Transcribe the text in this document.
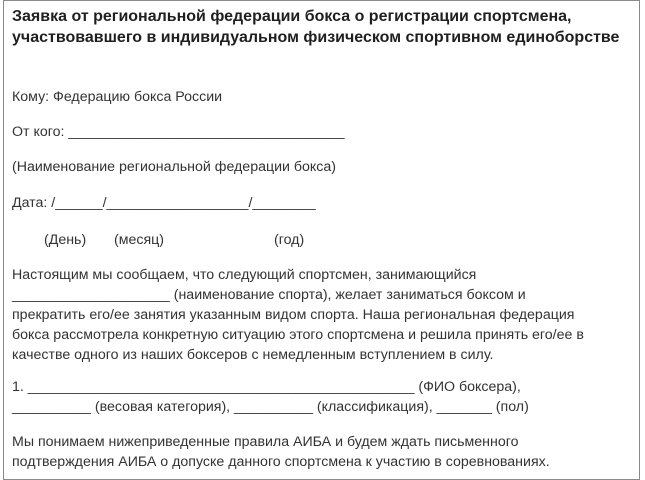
Заявка от региональной федерации бокса о регистрации спортсмена, участвовавшего в индивидуальном физическом спортивном единоборстве

Кому: Федерацию бокса России

От кого: ___________________________________

(Наименование региональной федерации бокса)

Дата: /______/__________________/________

(День) (месяц)	(год)
Настоящим мы сообщаем, что следующий спортсмен, занимающийся
____________________ (наименование спорта), желает заниматься боксом и
прекратить его/ее занятия указанным видом спорта. Наша региональная федерация
бокса рассмотрела конкретную ситуацию этого спортсмена и решила принять его/ее в
качестве одного из наших боксеров с немедленным вступлением в силу.

1. _________________________________________________ (ФИО боксера),

__________ (весовая категория), __________ (классификация), _______ (пол)

Мы понимаем нижеприведенные правила АИБА и будем ждать письменного
подтверждения АИБА о допуске данного спортсмена к участию в соревнованиях.
